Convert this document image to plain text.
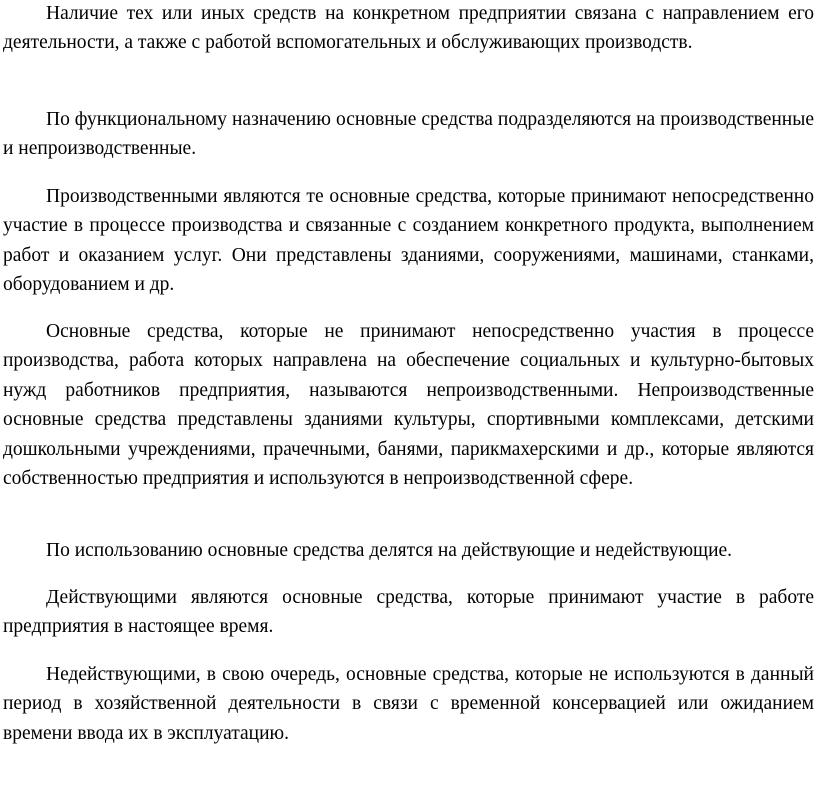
Наличие тех или иных средств на конкретном предприятии связана с направлением его деятельности, а также с работой вспомогательных и обслуживающих производств.

По функциональному назначению основные средства подразделяются на производственные и непроизводственные.

Производственными являются те основные средства, которые принимают непосредственно участие в процессе производства и связанные с созданием конкретного продукта, выполнением работ и оказанием услуг. Они представлены зданиями, сооружениями, машинами, станками, оборудованием и др.

Основные средства, которые не принимают непосредственно участия в процессе производства, работа которых направлена на обеспечение социальных и культурно-бытовых нужд работников предприятия, называются непроизводственными. Непроизводственные основные средства представлены зданиями культуры, спортивными комплексами, детскими дошкольными учреждениями, прачечными, банями, парикмахерскими и др., которые являются собственностью предприятия и используются в непроизводственной сфере.

По использованию основные средства делятся на действующие и недействующие.

Действующими являются основные средства, которые принимают участие в работе предприятия в настоящее время.

Недействующими, в свою очередь, основные средства, которые не используются в данный период в хозяйственной деятельности в связи с временной консервацией или ожиданием времени ввода их в эксплуатацию.
